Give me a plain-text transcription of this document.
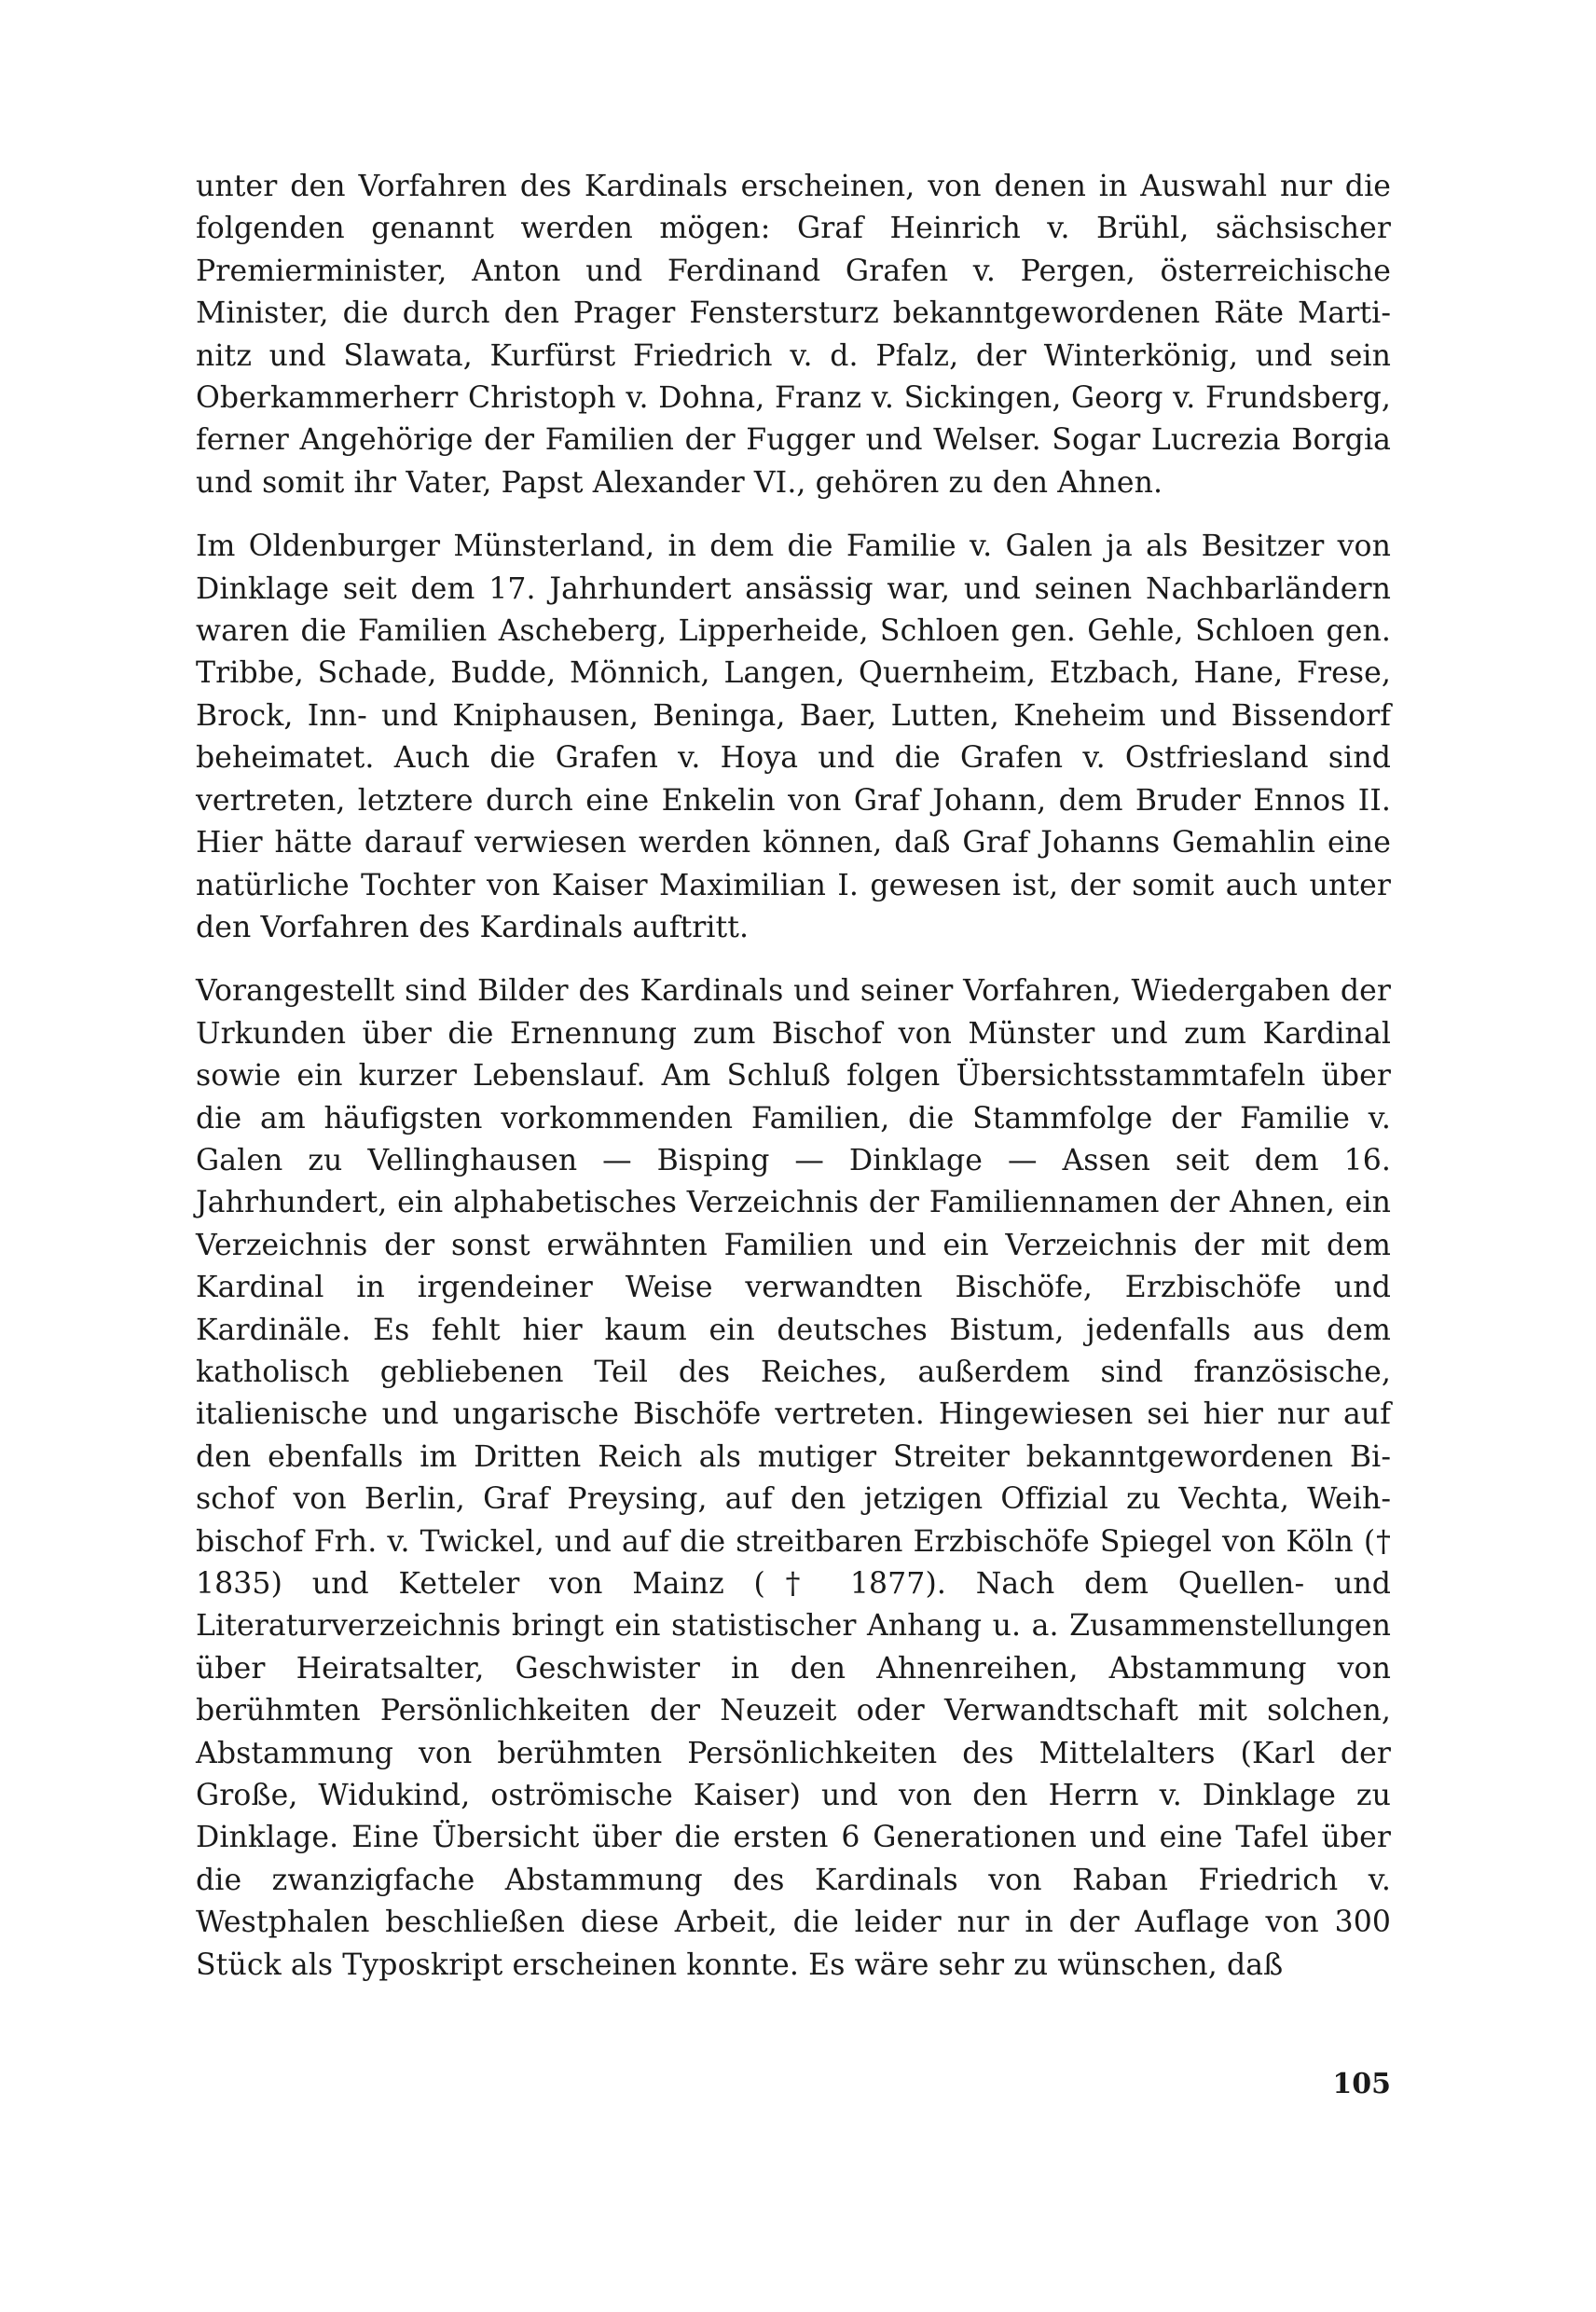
unter den Vorfahren des Kardinals erscheinen, von denen in Auswahl nur die folgenden genannt werden mögen: Graf Heinrich v. Brühl, sächsischer Premierminister, Anton und Ferdinand Grafen v. Pergen, österreichische Minister, die durch den Prager Fenstersturz bekanntgewordenen Räte Martinitz und Slawata, Kurfürst Friedrich v. d. Pfalz, der Winterkönig, und sein Oberkammerherr Christoph v. Dohna, Franz v. Sickingen, Georg v. Frundsberg, ferner Angehörige der Familien der Fugger und Welser. Sogar Lucrezia Borgia und somit ihr Vater, Papst Alexander VI., gehören zu den Ahnen.

Im Oldenburger Münsterland, in dem die Familie v. Galen ja als Besitzer von Dinklage seit dem 17. Jahrhundert ansässig war, und seinen Nachbarländern waren die Familien Ascheberg, Lipperheide, Schloen gen. Gehle, Schloen gen. Tribbe, Schade, Budde, Mönnich, Langen, Quernheim, Etzbach, Hane, Frese, Brock, Inn- und Kniphausen, Beninga, Baer, Lutten, Kneheim und Bissendorf beheimatet. Auch die Grafen v. Hoya und die Grafen v. Ostfriesland sind vertreten, letztere durch eine Enkelin von Graf Johann, dem Bruder Ennos II. Hier hätte darauf verwiesen werden können, daß Graf Johanns Gemahlin eine natürliche Tochter von Kaiser Maximilian I. gewesen ist, der somit auch unter den Vorfahren des Kardinals auftritt.

Vorangestellt sind Bilder des Kardinals und seiner Vorfahren, Wiedergaben der Urkunden über die Ernennung zum Bischof von Münster und zum Kardinal sowie ein kurzer Lebenslauf. Am Schluß folgen Übersichtsstammtafeln über die am häufigsten vorkommenden Familien, die Stammfolge der Familie v. Galen zu Vellinghausen — Bisping — Dinklage — Assen seit dem 16. Jahrhundert, ein alphabetisches Verzeichnis der Familiennamen der Ahnen, ein Verzeichnis der sonst erwähnten Familien und ein Verzeichnis der mit dem Kardinal in irgendeiner Weise verwandten Bischöfe, Erzbischöfe und Kardinäle. Es fehlt hier kaum ein deutsches Bistum, jedenfalls aus dem katholisch gebliebenen Teil des Reiches, außerdem sind französische, italienische und ungarische Bischöfe vertreten. Hingewiesen sei hier nur auf den ebenfalls im Dritten Reich als mutiger Streiter bekanntgewordenen Bischof von Berlin, Graf Preysing, auf den jetzigen Offizial zu Vechta, Weihbischof Frh. v. Twickel, und auf die streitbaren Erzbischöfe Spiegel von Köln († 1835) und Ketteler von Mainz († 1877). Nach dem Quellen- und Literaturverzeichnis bringt ein statistischer Anhang u. a. Zusammenstellungen über Heiratsalter, Geschwister in den Ahnenreihen, Abstammung von berühmten Persönlichkeiten der Neuzeit oder Verwandtschaft mit solchen, Abstammung von berühmten Persönlichkeiten des Mittelalters (Karl der Große, Widukind, oströmische Kaiser) und von den Herrn v. Dinklage zu Dinklage. Eine Übersicht über die ersten 6 Generationen und eine Tafel über die zwanzigfache Abstammung des Kardinals von Raban Friedrich v. Westphalen beschließen diese Arbeit, die leider nur in der Auflage von 300 Stück als Typoskript erscheinen konnte. Es wäre sehr zu wünschen, daß

105
